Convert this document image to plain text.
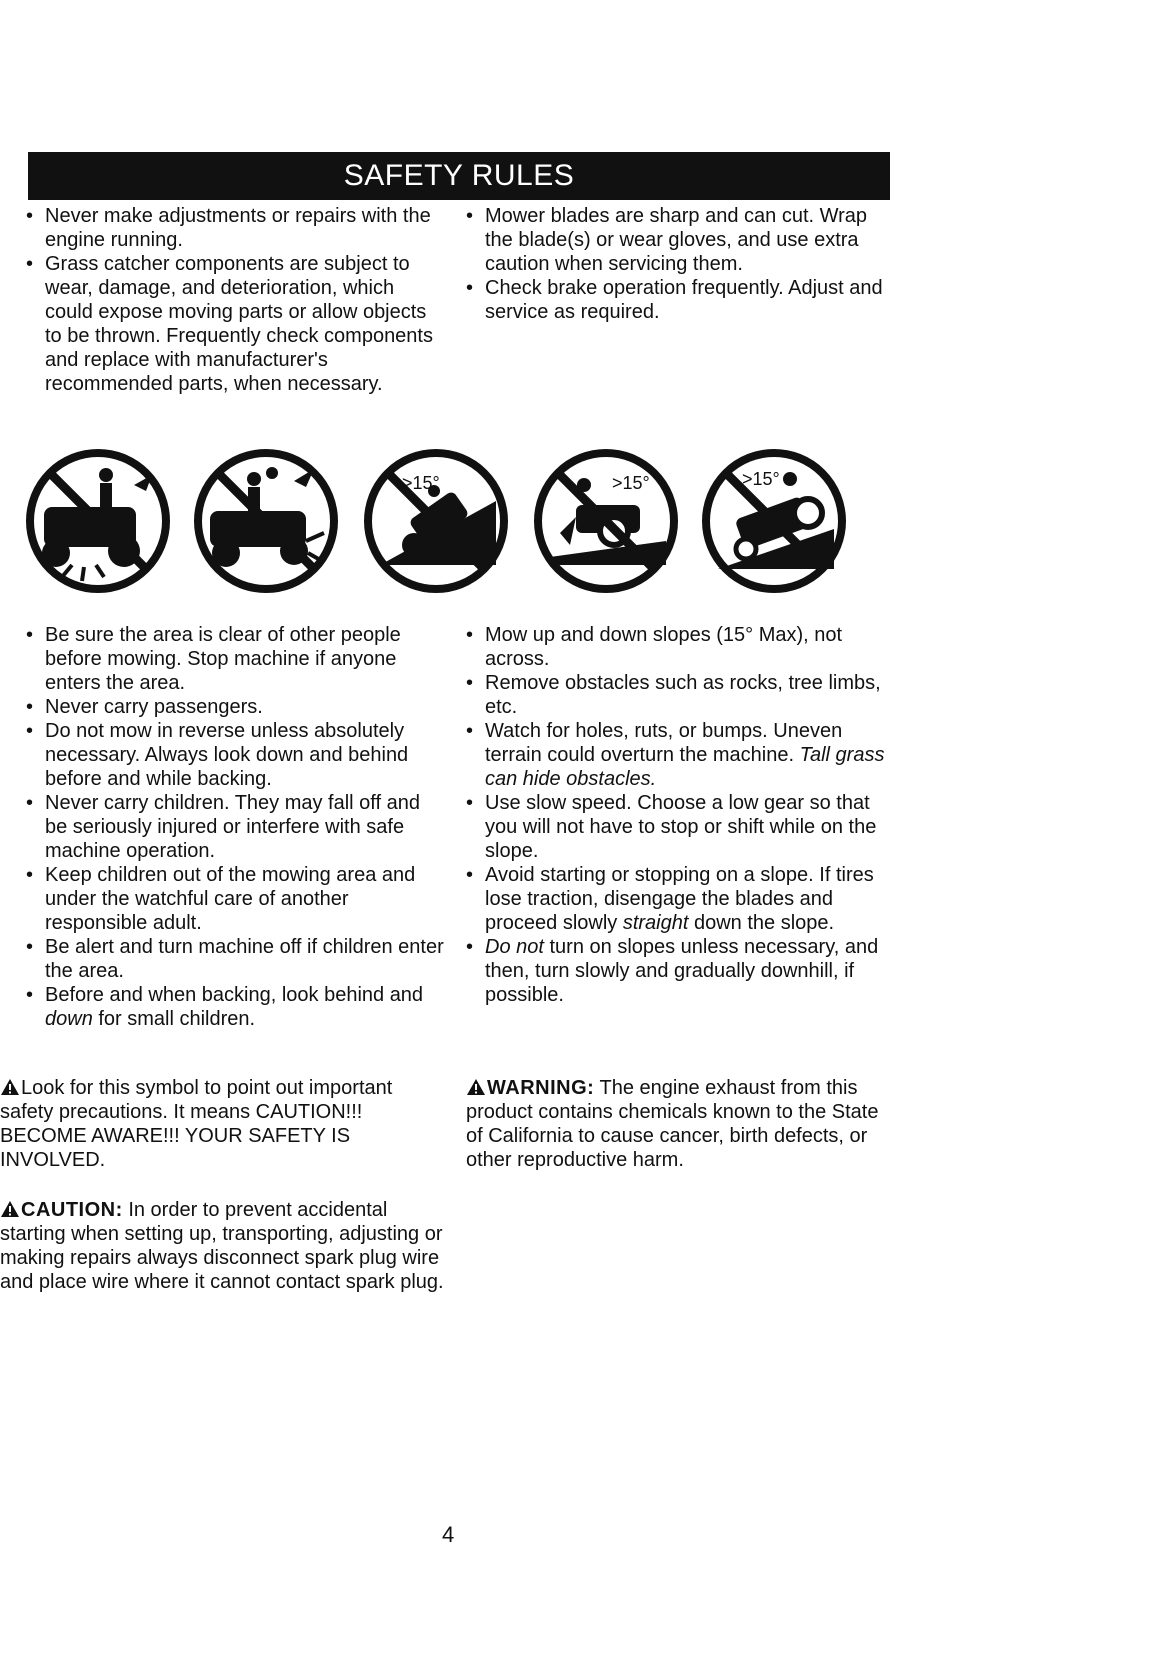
SAFETY RULES
• Never make adjustments or repairs with the engine running.
• Grass catcher components are subject to wear, damage, and deterioration, which could expose moving parts or allow objects to be thrown. Frequently check components and replace with manufacturer's recommended parts, when necessary.
• Mower blades are sharp and can cut. Wrap the blade(s) or wear gloves, and use extra caution when servicing them.
• Check brake operation frequently. Adjust and service as required.
>15°	>15°	>15°
• Be sure the area is clear of other people before mowing. Stop machine if anyone enters the area.
• Never carry passengers.
• Do not mow in reverse unless absolutely necessary. Always look down and behind before and while backing.
• Never carry children. They may fall off and be seriously injured or interfere with safe machine operation.
• Keep children out of the mowing area and under the watchful care of another responsible adult.
• Be alert and turn machine off if children enter the area.
• Before and when backing, look behind and down for small children.
• Mow up and down slopes (15° Max), not across.
• Remove obstacles such as rocks, tree limbs, etc.
• Watch for holes, ruts, or bumps. Uneven terrain could overturn the machine. Tall grass can hide obstacles.
• Use slow speed. Choose a low gear so that you will not have to stop or shift while on the slope.
• Avoid starting or stopping on a slope. If tires lose traction, disengage the blades and proceed slowly straight down the slope.
• Do not turn on slopes unless necessary, and then, turn slowly and gradually downhill, if possible.
Look for this symbol to point out important safety precautions. It means CAUTION!!! BECOME AWARE!!! YOUR SAFETY IS INVOLVED.
WARNING: The engine exhaust from this product contains chemicals known to the State of California to cause cancer, birth defects, or other reproductive harm.
CAUTION: In order to prevent accidental starting when setting up, transporting, adjusting or making repairs always disconnect spark plug wire and place wire where it cannot contact spark plug.
4
